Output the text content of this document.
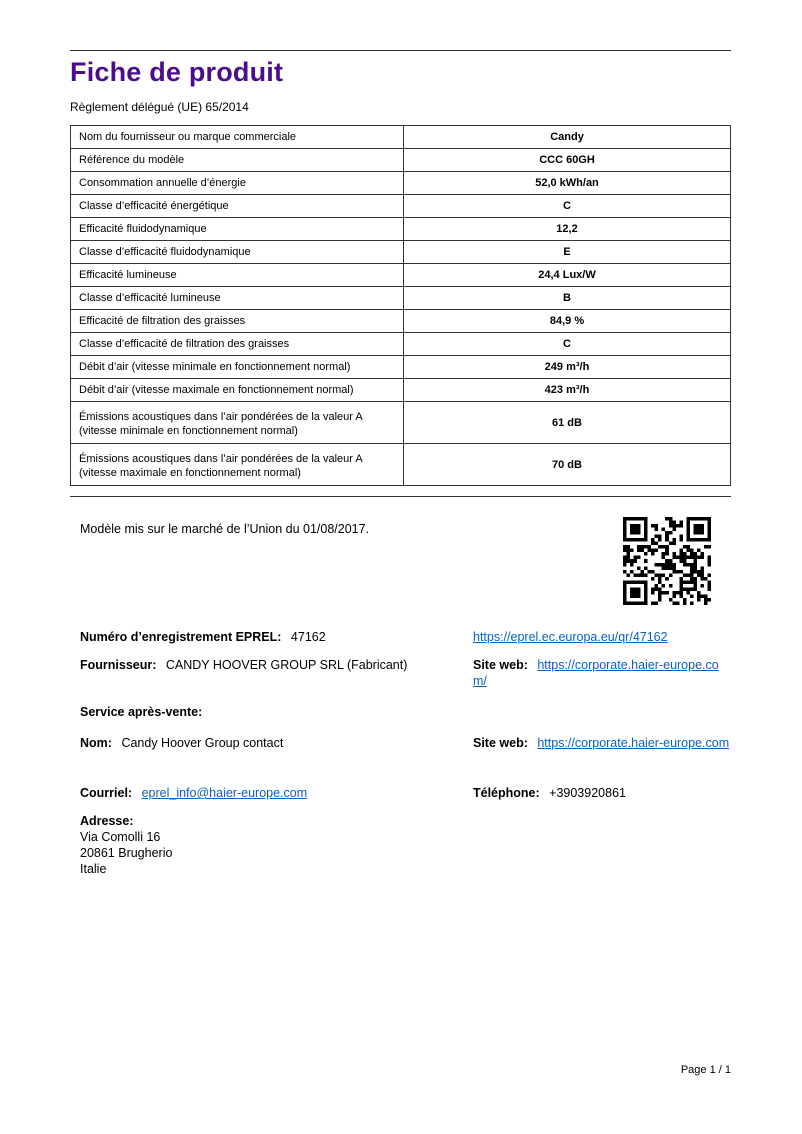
Fiche de produit
Règlement délégué (UE) 65/2014
Nom du fournisseur ou marque commerciale	Candy
Référence du modèle	CCC 60GH
Consommation annuelle d’énergie	52,0 kWh/an
Classe d’efficacité énergétique	C
Efficacité fluidodynamique	12,2
Classe d’efficacité fluidodynamique	E
Efficacité lumineuse	24,4 Lux/W
Classe d’efficacité lumineuse	B
Efficacité de filtration des graisses	84,9 %
Classe d’efficacité de filtration des graisses	C
Débit d’air (vitesse minimale en fonctionnement normal)	249 m³/h
Débit d’air (vitesse maximale en fonctionnement normal)	423 m³/h
Émissions acoustiques dans l’air pondérées de la valeur A (vitesse minimale en fonctionnement normal)	61 dB
Émissions acoustiques dans l’air pondérées de la valeur A (vitesse maximale en fonctionnement normal)	70 dB
Modèle mis sur le marché de l’Union du 01/08/2017.
Numéro d’enregistrement EPREL: 47162	https://eprel.ec.europa.eu/qr/47162
Fournisseur: CANDY HOOVER GROUP SRL (Fabricant)	Site web: https://corporate.haier-europe.com/
Service après-vente:
Nom: Candy Hoover Group contact	Site web: https://corporate.haier-europe.com
Courriel: eprel_info@haier-europe.com	Téléphone: +3903920861
Adresse:
Via Comolli 16
20861 Brugherio
Italie
Page 1 / 1
